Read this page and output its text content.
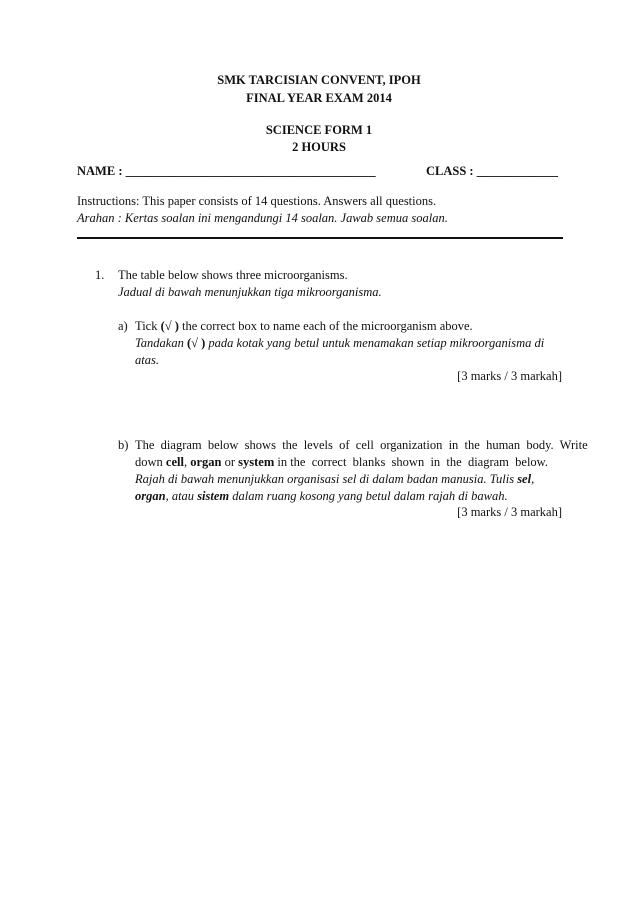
SMK TARCISIAN CONVENT, IPOH
FINAL YEAR EXAM 2014
SCIENCE FORM 1
2 HOURS
NAME : ________________________________________	CLASS : _____________
Instructions: This paper consists of 14 questions. Answers all questions.
Arahan : Kertas soalan ini mengandungi 14 soalan. Jawab semua soalan.
1. The table below shows three microorganisms.
Jadual di bawah menunjukkan tiga mikroorganisma.
a) Tick (√ ) the correct box to name each of the microorganism above.
Tandakan (√ ) pada kotak yang betul untuk menamakan setiap mikroorganisma di
atas.
[3 marks / 3 markah]
b) The  diagram  below  shows  the  levels  of  cell  organization  in  the  human  body.  Write
down cell, organ or system in the  correct  blanks  shown  in  the  diagram  below.
Rajah di bawah menunjukkan organisasi sel di dalam badan manusia. Tulis sel,
organ, atau sistem dalam ruang kosong yang betul dalam rajah di bawah.
[3 marks / 3 markah]
